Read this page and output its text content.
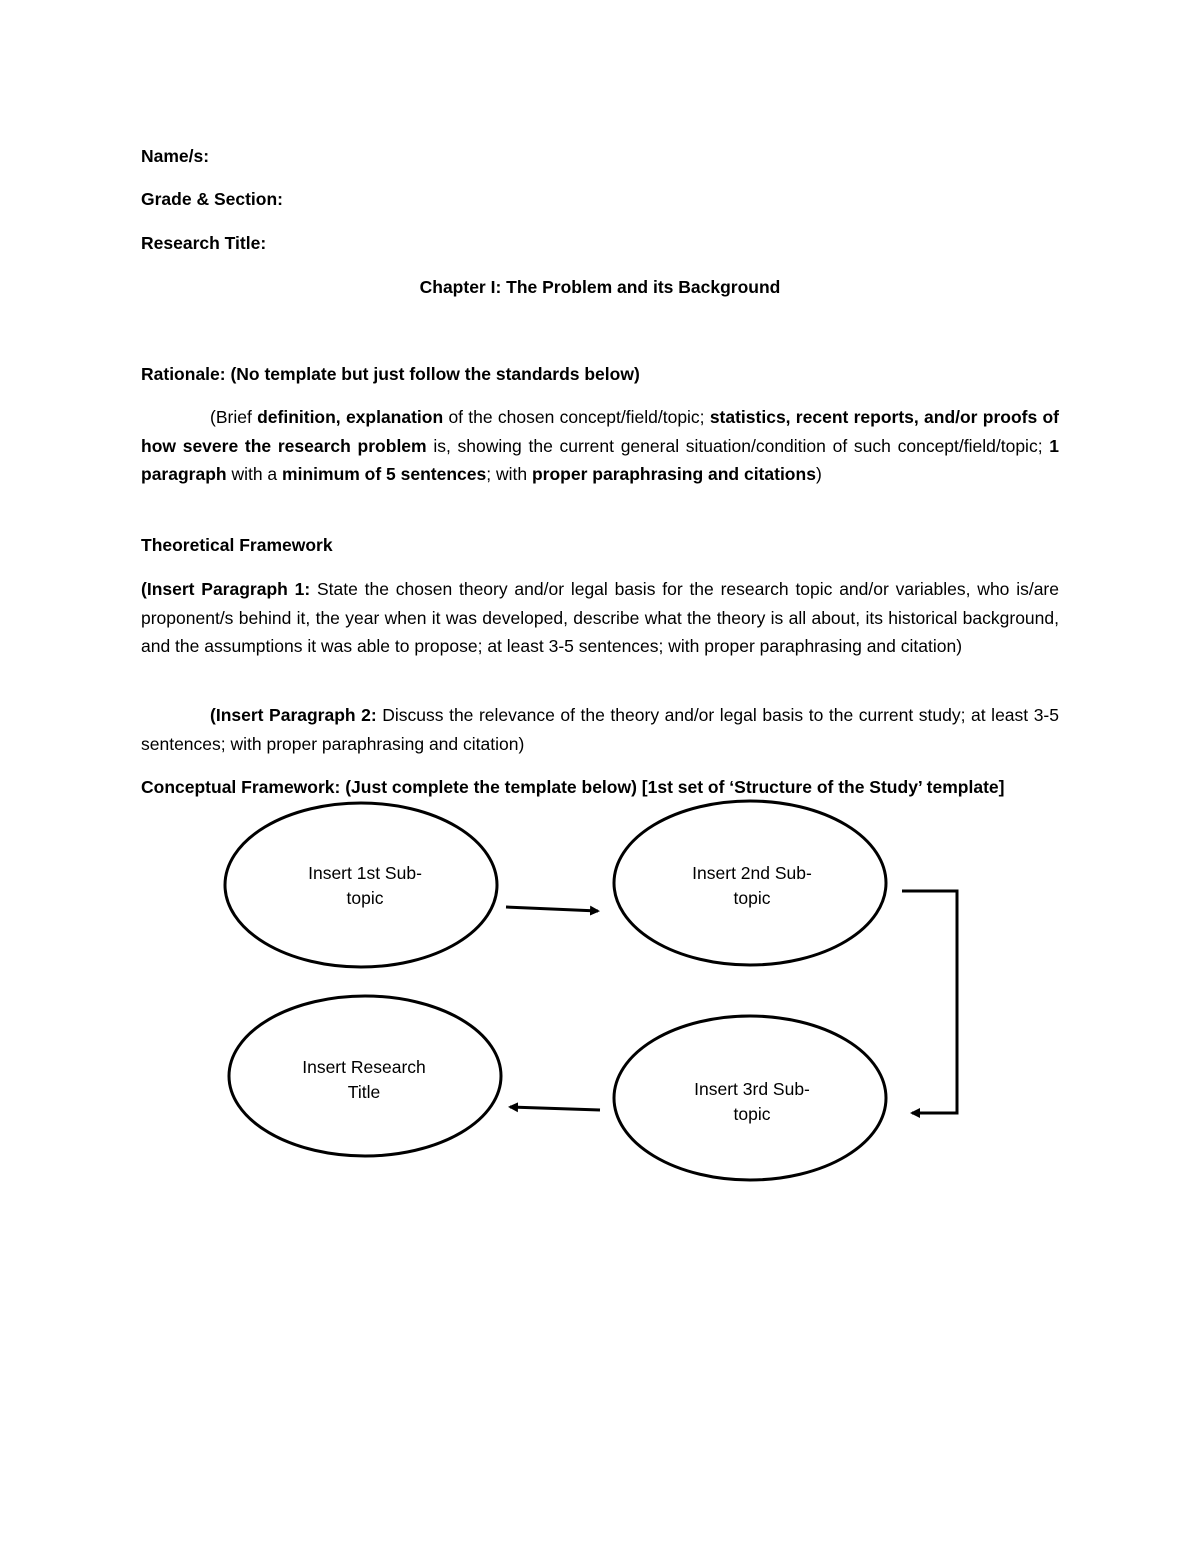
Name/s:
Grade & Section:
Research Title:
Chapter I: The Problem and its Background
Rationale: (No template but just follow the standards below)
(Brief definition, explanation of the chosen concept/field/topic; statistics, recent reports, and/or proofs of how severe the research problem is, showing the current general situation/condition of such concept/field/topic; 1 paragraph with a minimum of 5 sentences; with proper paraphrasing and citations)
Theoretical Framework
(Insert Paragraph 1: State the chosen theory and/or legal basis for the research topic and/or variables, who is/are proponent/s behind it, the year when it was developed, describe what the theory is all about, its historical background, and the assumptions it was able to propose; at least 3-5 sentences; with proper paraphrasing and citation)
(Insert Paragraph 2: Discuss the relevance of the theory and/or legal basis to the current study; at least 3-5 sentences; with proper paraphrasing and citation)
Conceptual Framework: (Just complete the template below) [1st set of ‘Structure of the Study’ template]
Insert 1st Sub-
topic
Insert 2nd Sub-
topic
Insert 3rd Sub-
topic
Insert Research
Title
